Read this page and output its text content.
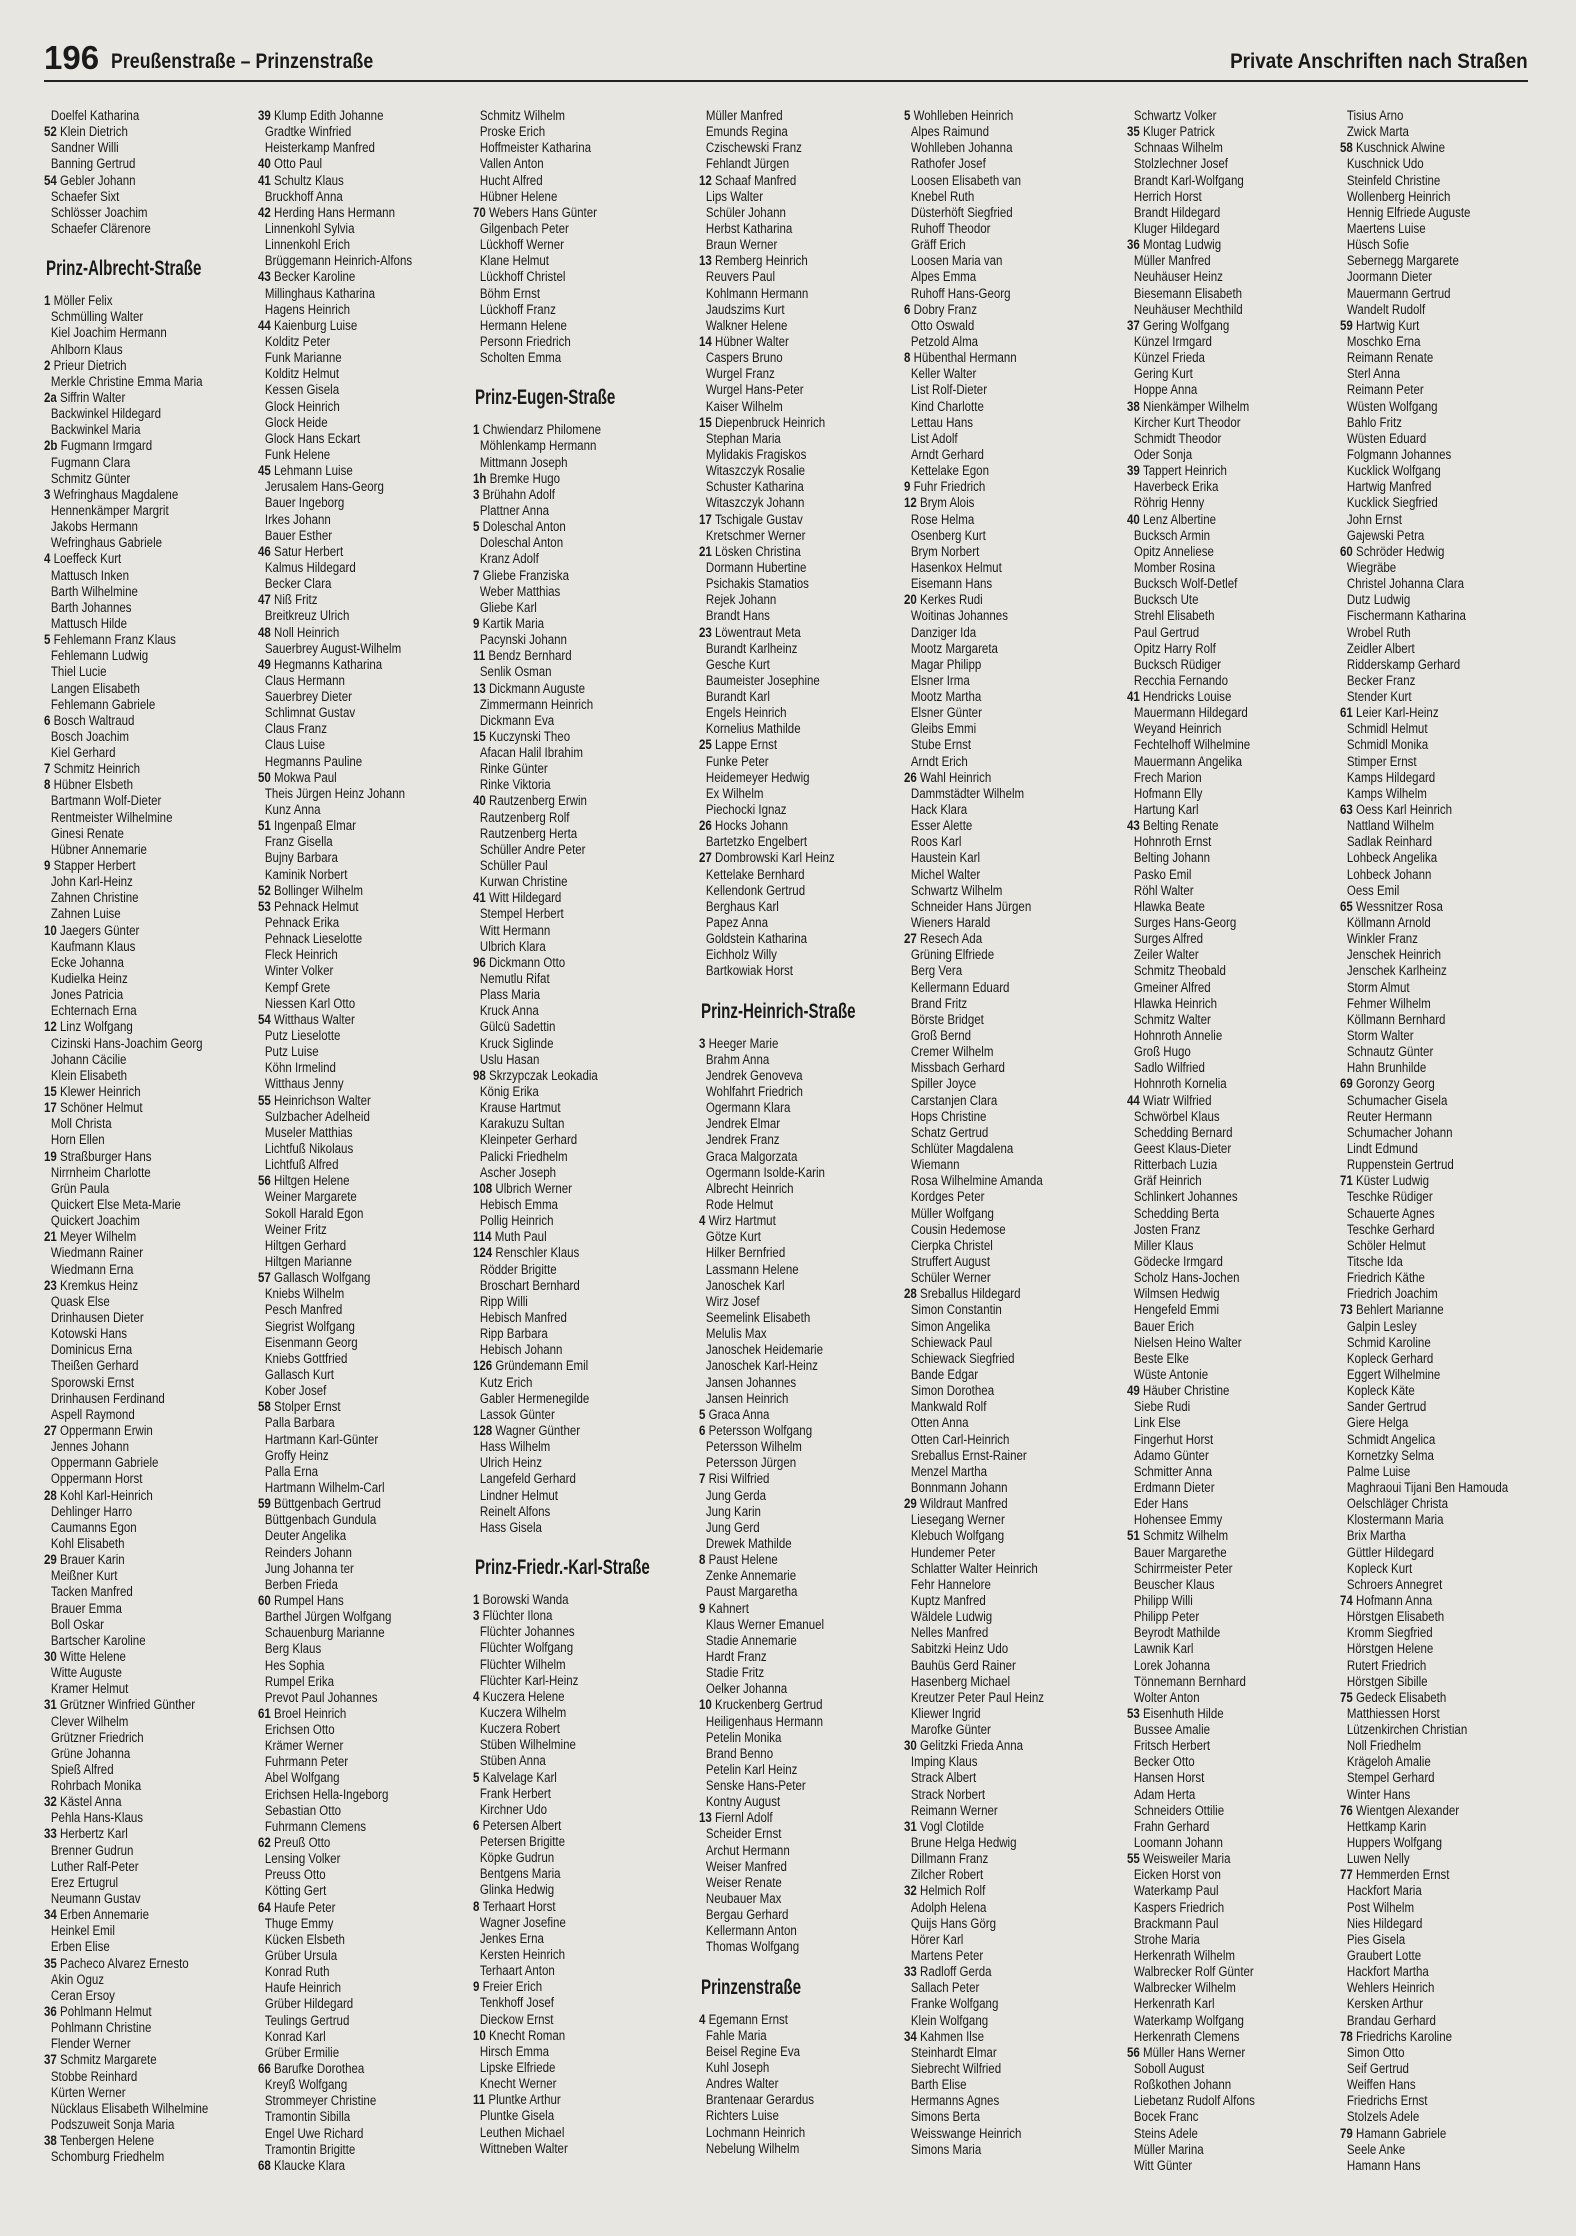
196 Preußenstraße – Prinzenstraße	Private Anschriften nach Straßen
Doelfel Katharina
52 Klein Dietrich
Sandner Willi
Banning Gertrud
54 Gebler Johann
Schaefer Sixt
Schlösser Joachim
Schaefer Clärenore
Prinz-Albrecht-Straße
1 Möller Felix
Schmülling Walter
Kiel Joachim Hermann
Ahlborn Klaus
2 Prieur Dietrich
Merkle Christine Emma Maria
2a Siffrin Walter
Backwinkel Hildegard
Backwinkel Maria
2b Fugmann Irmgard
Fugmann Clara
Schmitz Günter
3 Wefringhaus Magdalene
Hennenkämper Margrit
Jakobs Hermann
Wefringhaus Gabriele
4 Loeffeck Kurt
Mattusch Inken
Barth Wilhelmine
Barth Johannes
Mattusch Hilde
5 Fehlemann Franz Klaus
Fehlemann Ludwig
Thiel Lucie
Langen Elisabeth
Fehlemann Gabriele
6 Bosch Waltraud
Bosch Joachim
Kiel Gerhard
7 Schmitz Heinrich
8 Hübner Elsbeth
Bartmann Wolf-Dieter
Rentmeister Wilhelmine
Ginesi Renate
Hübner Annemarie
9 Stapper Herbert
John Karl-Heinz
Zahnen Christine
Zahnen Luise
10 Jaegers Günter
Kaufmann Klaus
Ecke Johanna
Kudielka Heinz
Jones Patricia
Echternach Erna
12 Linz Wolfgang
Cizinski Hans-Joachim Georg
Johann Cäcilie
Klein Elisabeth
15 Klewer Heinrich
17 Schöner Helmut
Moll Christa
Horn Ellen
19 Straßburger Hans
Nirrnheim Charlotte
Grün Paula
Quickert Else Meta-Marie
Quickert Joachim
21 Meyer Wilhelm
Wiedmann Rainer
Wiedmann Erna
23 Kremkus Heinz
Quask Else
Drinhausen Dieter
Kotowski Hans
Dominicus Erna
Theißen Gerhard
Sporowski Ernst
Drinhausen Ferdinand
Aspell Raymond
27 Oppermann Erwin
Jennes Johann
Oppermann Gabriele
Oppermann Horst
28 Kohl Karl-Heinrich
Dehlinger Harro
Caumanns Egon
Kohl Elisabeth
29 Brauer Karin
Meißner Kurt
Tacken Manfred
Brauer Emma
Boll Oskar
Bartscher Karoline
30 Witte Helene
Witte Auguste
Kramer Helmut
31 Grützner Winfried Günther
Clever Wilhelm
Grützner Friedrich
Grüne Johanna
Spieß Alfred
Rohrbach Monika
32 Kästel Anna
Pehla Hans-Klaus
33 Herbertz Karl
Brenner Gudrun
Luther Ralf-Peter
Erez Ertugrul
Neumann Gustav
34 Erben Annemarie
Heinkel Emil
Erben Elise
35 Pacheco Alvarez Ernesto
Akin Oguz
Ceran Ersoy
36 Pohlmann Helmut
Pohlmann Christine
Flender Werner
37 Schmitz Margarete
Stobbe Reinhard
Kürten Werner
Nücklaus Elisabeth Wilhelmine
Podszuweit Sonja Maria
38 Tenbergen Helene
Schomburg Friedhelm
39 Klump Edith Johanne
Gradtke Winfried
Heisterkamp Manfred
40 Otto Paul
41 Schultz Klaus
Bruckhoff Anna
42 Herding Hans Hermann
Linnenkohl Sylvia
Linnenkohl Erich
Brüggemann Heinrich-Alfons
43 Becker Karoline
Millinghaus Katharina
Hagens Heinrich
44 Kaienburg Luise
Kolditz Peter
Funk Marianne
Kolditz Helmut
Kessen Gisela
Glock Heinrich
Glock Heide
Glock Hans Eckart
Funk Helene
45 Lehmann Luise
Jerusalem Hans-Georg
Bauer Ingeborg
Irkes Johann
Bauer Esther
46 Satur Herbert
Kalmus Hildegard
Becker Clara
47 Niß Fritz
Breitkreuz Ulrich
48 Noll Heinrich
Sauerbrey August-Wilhelm
49 Hegmanns Katharina
Claus Hermann
Sauerbrey Dieter
Schlimnat Gustav
Claus Franz
Claus Luise
Hegmanns Pauline
50 Mokwa Paul
Theis Jürgen Heinz Johann
Kunz Anna
51 Ingenpaß Elmar
Franz Gisella
Bujny Barbara
Kaminik Norbert
52 Bollinger Wilhelm
53 Pehnack Helmut
Pehnack Erika
Pehnack Lieselotte
Fleck Heinrich
Winter Volker
Kempf Grete
Niessen Karl Otto
54 Witthaus Walter
Putz Lieselotte
Putz Luise
Köhn Irmelind
Witthaus Jenny
55 Heinrichson Walter
Sulzbacher Adelheid
Museler Matthias
Lichtfuß Nikolaus
Lichtfuß Alfred
56 Hiltgen Helene
Weiner Margarete
Sokoll Harald Egon
Weiner Fritz
Hiltgen Gerhard
Hiltgen Marianne
57 Gallasch Wolfgang
Kniebs Wilhelm
Pesch Manfred
Siegrist Wolfgang
Eisenmann Georg
Kniebs Gottfried
Gallasch Kurt
Kober Josef
58 Stolper Ernst
Palla Barbara
Hartmann Karl-Günter
Groffy Heinz
Palla Erna
Hartmann Wilhelm-Carl
59 Büttgenbach Gertrud
Büttgenbach Gundula
Deuter Angelika
Reinders Johann
Jung Johanna ter
Berben Frieda
60 Rumpel Hans
Barthel Jürgen Wolfgang
Schauenburg Marianne
Berg Klaus
Hes Sophia
Rumpel Erika
Prevot Paul Johannes
61 Broel Heinrich
Erichsen Otto
Krämer Werner
Fuhrmann Peter
Abel Wolfgang
Erichsen Hella-Ingeborg
Sebastian Otto
Fuhrmann Clemens
62 Preuß Otto
Lensing Volker
Preuss Otto
Kötting Gert
64 Haufe Peter
Thuge Emmy
Kücken Elsbeth
Grüber Ursula
Konrad Ruth
Haufe Heinrich
Grüber Hildegard
Teulings Gertrud
Konrad Karl
Grüber Ermilie
66 Barufke Dorothea
Kreyß Wolfgang
Strommeyer Christine
Tramontin Sibilla
Engel Uwe Richard
Tramontin Brigitte
68 Klaucke Klara
Schmitz Wilhelm
Proske Erich
Hoffmeister Katharina
Vallen Anton
Hucht Alfred
Hübner Helene
70 Webers Hans Günter
Gilgenbach Peter
Lückhoff Werner
Klane Helmut
Lückhoff Christel
Böhm Ernst
Lückhoff Franz
Hermann Helene
Personn Friedrich
Scholten Emma
Prinz-Eugen-Straße
1 Chwiendarz Philomene
Möhlenkamp Hermann
Mittmann Joseph
1h Bremke Hugo
3 Brühahn Adolf
Plattner Anna
5 Doleschal Anton
Doleschal Anton
Kranz Adolf
7 Gliebe Franziska
Weber Matthias
Gliebe Karl
9 Kartik Maria
Pacynski Johann
11 Bendz Bernhard
Senlik Osman
13 Dickmann Auguste
Zimmermann Heinrich
Dickmann Eva
15 Kuczynski Theo
Afacan Halil Ibrahim
Rinke Günter
Rinke Viktoria
40 Rautzenberg Erwin
Rautzenberg Rolf
Rautzenberg Herta
Schüller Andre Peter
Schüller Paul
Kurwan Christine
41 Witt Hildegard
Stempel Herbert
Witt Hermann
Ulbrich Klara
96 Dickmann Otto
Nemutlu Rifat
Plass Maria
Kruck Anna
Gülcü Sadettin
Kruck Siglinde
Uslu Hasan
98 Skrzypczak Leokadia
König Erika
Krause Hartmut
Karakuzu Sultan
Kleinpeter Gerhard
Palicki Friedhelm
Ascher Joseph
108 Ulbrich Werner
Hebisch Emma
Pollig Heinrich
114 Muth Paul
124 Renschler Klaus
Rödder Brigitte
Broschart Bernhard
Ripp Willi
Hebisch Manfred
Ripp Barbara
Hebisch Johann
126 Gründemann Emil
Kutz Erich
Gabler Hermenegilde
Lassok Günter
128 Wagner Günther
Hass Wilhelm
Ulrich Heinz
Langefeld Gerhard
Lindner Helmut
Reinelt Alfons
Hass Gisela
Prinz-Friedr.-Karl-Straße
1 Borowski Wanda
3 Flüchter Ilona
Flüchter Johannes
Flüchter Wolfgang
Flüchter Wilhelm
Flüchter Karl-Heinz
4 Kuczera Helene
Kuczera Wilhelm
Kuczera Robert
Stüben Wilhelmine
Stüben Anna
5 Kalvelage Karl
Frank Herbert
Kirchner Udo
6 Petersen Albert
Petersen Brigitte
Köpke Gudrun
Bentgens Maria
Glinka Hedwig
8 Terhaart Horst
Wagner Josefine
Jenkes Erna
Kersten Heinrich
Terhaart Anton
9 Freier Erich
Tenkhoff Josef
Dieckow Ernst
10 Knecht Roman
Hirsch Emma
Lipske Elfriede
Knecht Werner
11 Pluntke Arthur
Pluntke Gisela
Leuthen Michael
Wittneben Walter
Müller Manfred
Emunds Regina
Czischewski Franz
Fehlandt Jürgen
12 Schaaf Manfred
Lips Walter
Schüler Johann
Herbst Katharina
Braun Werner
13 Remberg Heinrich
Reuvers Paul
Kohlmann Hermann
Jaudszims Kurt
Walkner Helene
14 Hübner Walter
Caspers Bruno
Wurgel Franz
Wurgel Hans-Peter
Kaiser Wilhelm
15 Diepenbruck Heinrich
Stephan Maria
Mylidakis Fragiskos
Witaszczyk Rosalie
Schuster Katharina
Witaszczyk Johann
17 Tschigale Gustav
Kretschmer Werner
21 Lösken Christina
Dormann Hubertine
Psichakis Stamatios
Rejek Johann
Brandt Hans
23 Löwentraut Meta
Burandt Karlheinz
Gesche Kurt
Baumeister Josephine
Burandt Karl
Engels Heinrich
Kornelius Mathilde
25 Lappe Ernst
Funke Peter
Heidemeyer Hedwig
Ex Wilhelm
Piechocki Ignaz
26 Hocks Johann
Bartetzko Engelbert
27 Dombrowski Karl Heinz
Kettelake Bernhard
Kellendonk Gertrud
Berghaus Karl
Papez Anna
Goldstein Katharina
Eichholz Willy
Bartkowiak Horst
Prinz-Heinrich-Straße
3 Heeger Marie
Brahm Anna
Jendrek Genoveva
Wohlfahrt Friedrich
Ogermann Klara
Jendrek Elmar
Jendrek Franz
Graca Malgorzata
Ogermann Isolde-Karin
Albrecht Heinrich
Rode Helmut
4 Wirz Hartmut
Götze Kurt
Hilker Bernfried
Lassmann Helene
Janoschek Karl
Wirz Josef
Seemelink Elisabeth
Melulis Max
Janoschek Heidemarie
Janoschek Karl-Heinz
Jansen Johannes
Jansen Heinrich
5 Graca Anna
6 Petersson Wolfgang
Petersson Wilhelm
Petersson Jürgen
7 Risi Wilfried
Jung Gerda
Jung Karin
Jung Gerd
Drewek Mathilde
8 Paust Helene
Zenke Annemarie
Paust Margaretha
9 Kahnert
Klaus Werner Emanuel
Stadie Annemarie
Hardt Franz
Stadie Fritz
Oelker Johanna
10 Kruckenberg Gertrud
Heiligenhaus Hermann
Petelin Monika
Brand Benno
Petelin Karl Heinz
Senske Hans-Peter
Kontny August
13 Fiernl Adolf
Scheider Ernst
Archut Hermann
Weiser Manfred
Weiser Renate
Neubauer Max
Bergau Gerhard
Kellermann Anton
Thomas Wolfgang
Prinzenstraße
4 Egemann Ernst
Fahle Maria
Beisel Regine Eva
Kuhl Joseph
Andres Walter
Brantenaar Gerardus
Richters Luise
Lochmann Heinrich
Nebelung Wilhelm
5 Wohlleben Heinrich
Alpes Raimund
Wohlleben Johanna
Rathofer Josef
Loosen Elisabeth van
Knebel Ruth
Düsterhöft Siegfried
Ruhoff Theodor
Gräff Erich
Loosen Maria van
Alpes Emma
Ruhoff Hans-Georg
6 Dobry Franz
Otto Oswald
Petzold Alma
8 Hübenthal Hermann
Keller Walter
List Rolf-Dieter
Kind Charlotte
Lettau Hans
List Adolf
Arndt Gerhard
Kettelake Egon
9 Fuhr Friedrich
12 Brym Alois
Rose Helma
Osenberg Kurt
Brym Norbert
Hasenkox Helmut
Eisemann Hans
20 Kerkes Rudi
Woitinas Johannes
Danziger Ida
Mootz Margareta
Magar Philipp
Elsner Irma
Mootz Martha
Elsner Günter
Gleibs Emmi
Stube Ernst
Arndt Erich
26 Wahl Heinrich
Dammstädter Wilhelm
Hack Klara
Esser Alette
Roos Karl
Haustein Karl
Michel Walter
Schwartz Wilhelm
Schneider Hans Jürgen
Wieners Harald
27 Resech Ada
Grüning Elfriede
Berg Vera
Kellermann Eduard
Brand Fritz
Börste Bridget
Groß Bernd
Cremer Wilhelm
Missbach Gerhard
Spiller Joyce
Carstanjen Clara
Hops Christine
Schatz Gertrud
Schlüter Magdalena
Wiemann
Rosa Wilhelmine Amanda
Kordges Peter
Müller Wolfgang
Cousin Hedemose
Cierpka Christel
Struffert August
Schüler Werner
28 Sreballus Hildegard
Simon Constantin
Simon Angelika
Schiewack Paul
Schiewack Siegfried
Bande Edgar
Simon Dorothea
Mankwald Rolf
Otten Anna
Otten Carl-Heinrich
Sreballus Ernst-Rainer
Menzel Martha
Bonnmann Johann
29 Wildraut Manfred
Liesegang Werner
Klebuch Wolfgang
Hundemer Peter
Schlatter Walter Heinrich
Fehr Hannelore
Kuptz Manfred
Wäldele Ludwig
Nelles Manfred
Sabitzki Heinz Udo
Bauhüs Gerd Rainer
Hasenberg Michael
Kreutzer Peter Paul Heinz
Kliewer Ingrid
Marofke Günter
30 Gelitzki Frieda Anna
Imping Klaus
Strack Albert
Strack Norbert
Reimann Werner
31 Vogl Clotilde
Brune Helga Hedwig
Dillmann Franz
Zilcher Robert
32 Helmich Rolf
Adolph Helena
Quijs Hans Görg
Hörer Karl
Martens Peter
33 Radloff Gerda
Sallach Peter
Franke Wolfgang
Klein Wolfgang
34 Kahmen Ilse
Steinhardt Elmar
Siebrecht Wilfried
Barth Elise
Hermanns Agnes
Simons Berta
Weisswange Heinrich
Simons Maria
Schwartz Volker
35 Kluger Patrick
Schnaas Wilhelm
Stolzlechner Josef
Brandt Karl-Wolfgang
Herrich Horst
Brandt Hildegard
Kluger Hildegard
36 Montag Ludwig
Müller Manfred
Neuhäuser Heinz
Biesemann Elisabeth
Neuhäuser Mechthild
37 Gering Wolfgang
Künzel Irmgard
Künzel Frieda
Gering Kurt
Hoppe Anna
38 Nienkämper Wilhelm
Kircher Kurt Theodor
Schmidt Theodor
Oder Sonja
39 Tappert Heinrich
Haverbeck Erika
Röhrig Henny
40 Lenz Albertine
Bucksch Armin
Opitz Anneliese
Momber Rosina
Bucksch Wolf-Detlef
Bucksch Ute
Strehl Elisabeth
Paul Gertrud
Opitz Harry Rolf
Bucksch Rüdiger
Recchia Fernando
41 Hendricks Louise
Mauermann Hildegard
Weyand Heinrich
Fechtelhoff Wilhelmine
Mauermann Angelika
Frech Marion
Hofmann Elly
Hartung Karl
43 Belting Renate
Hohnroth Ernst
Belting Johann
Pasko Emil
Röhl Walter
Hlawka Beate
Surges Hans-Georg
Surges Alfred
Zeiler Walter
Schmitz Theobald
Gmeiner Alfred
Hlawka Heinrich
Schmitz Walter
Hohnroth Annelie
Groß Hugo
Sadlo Wilfried
Hohnroth Kornelia
44 Wiatr Wilfried
Schwörbel Klaus
Schedding Bernard
Geest Klaus-Dieter
Ritterbach Luzia
Gräf Heinrich
Schlinkert Johannes
Schedding Berta
Josten Franz
Miller Klaus
Gödecke Irmgard
Scholz Hans-Jochen
Wilmsen Hedwig
Hengefeld Emmi
Bauer Erich
Nielsen Heino Walter
Beste Elke
Wüste Antonie
49 Häuber Christine
Siebe Rudi
Link Else
Fingerhut Horst
Adamo Günter
Schmitter Anna
Erdmann Dieter
Eder Hans
Hohensee Emmy
51 Schmitz Wilhelm
Bauer Margarethe
Schirrmeister Peter
Beuscher Klaus
Philipp Willi
Philipp Peter
Beyrodt Mathilde
Lawnik Karl
Lorek Johanna
Tönnemann Bernhard
Wolter Anton
53 Eisenhuth Hilde
Bussee Amalie
Fritsch Herbert
Becker Otto
Hansen Horst
Adam Herta
Schneiders Ottilie
Frahn Gerhard
Loomann Johann
55 Weisweiler Maria
Eicken Horst von
Waterkamp Paul
Kaspers Friedrich
Brackmann Paul
Strohe Maria
Herkenrath Wilhelm
Walbrecker Rolf Günter
Walbrecker Wilhelm
Herkenrath Karl
Waterkamp Wolfgang
Herkenrath Clemens
56 Müller Hans Werner
Soboll August
Roßkothen Johann
Liebetanz Rudolf Alfons
Bocek Franc
Steins Adele
Müller Marina
Witt Günter
Tisius Arno
Zwick Marta
58 Kuschnick Alwine
Kuschnick Udo
Steinfeld Christine
Wollenberg Heinrich
Hennig Elfriede Auguste
Maertens Luise
Hüsch Sofie
Sebernegg Margarete
Joormann Dieter
Mauermann Gertrud
Wandelt Rudolf
59 Hartwig Kurt
Moschko Erna
Reimann Renate
Sterl Anna
Reimann Peter
Wüsten Wolfgang
Bahlo Fritz
Wüsten Eduard
Folgmann Johannes
Kucklick Wolfgang
Hartwig Manfred
Kucklick Siegfried
John Ernst
Gajewski Petra
60 Schröder Hedwig
Wiegräbe
Christel Johanna Clara
Dutz Ludwig
Fischermann Katharina
Wrobel Ruth
Zeidler Albert
Ridderskamp Gerhard
Becker Franz
Stender Kurt
61 Leier Karl-Heinz
Schmidl Helmut
Schmidl Monika
Stimper Ernst
Kamps Hildegard
Kamps Wilhelm
63 Oess Karl Heinrich
Nattland Wilhelm
Sadlak Reinhard
Lohbeck Angelika
Lohbeck Johann
Oess Emil
65 Wessnitzer Rosa
Köllmann Arnold
Winkler Franz
Jenschek Heinrich
Jenschek Karlheinz
Storm Almut
Fehmer Wilhelm
Köllmann Bernhard
Storm Walter
Schnautz Günter
Hahn Brunhilde
69 Goronzy Georg
Schumacher Gisela
Reuter Hermann
Schumacher Johann
Lindt Edmund
Ruppenstein Gertrud
71 Küster Ludwig
Teschke Rüdiger
Schauerte Agnes
Teschke Gerhard
Schöler Helmut
Titsche Ida
Friedrich Käthe
Friedrich Joachim
73 Behlert Marianne
Galpin Lesley
Schmid Karoline
Kopleck Gerhard
Eggert Wilhelmine
Kopleck Käte
Sander Gertrud
Giere Helga
Schmidt Angelica
Kornetzky Selma
Palme Luise
Maghraoui Tijani Ben Hamouda
Oelschläger Christa
Klostermann Maria
Brix Martha
Güttler Hildegard
Kopleck Kurt
Schroers Annegret
74 Hofmann Anna
Hörstgen Elisabeth
Kromm Siegfried
Hörstgen Helene
Rutert Friedrich
Hörstgen Sibille
75 Gedeck Elisabeth
Matthiessen Horst
Lützenkirchen Christian
Noll Friedhelm
Krägeloh Amalie
Stempel Gerhard
Winter Hans
76 Wientgen Alexander
Hettkamp Karin
Huppers Wolfgang
Luwen Nelly
77 Hemmerden Ernst
Hackfort Maria
Post Wilhelm
Nies Hildegard
Pies Gisela
Graubert Lotte
Hackfort Martha
Wehlers Heinrich
Kersken Arthur
Brandau Gerhard
78 Friedrichs Karoline
Simon Otto
Seif Gertrud
Weiffen Hans
Friedrichs Ernst
Stolzels Adele
79 Hamann Gabriele
Seele Anke
Hamann Hans
